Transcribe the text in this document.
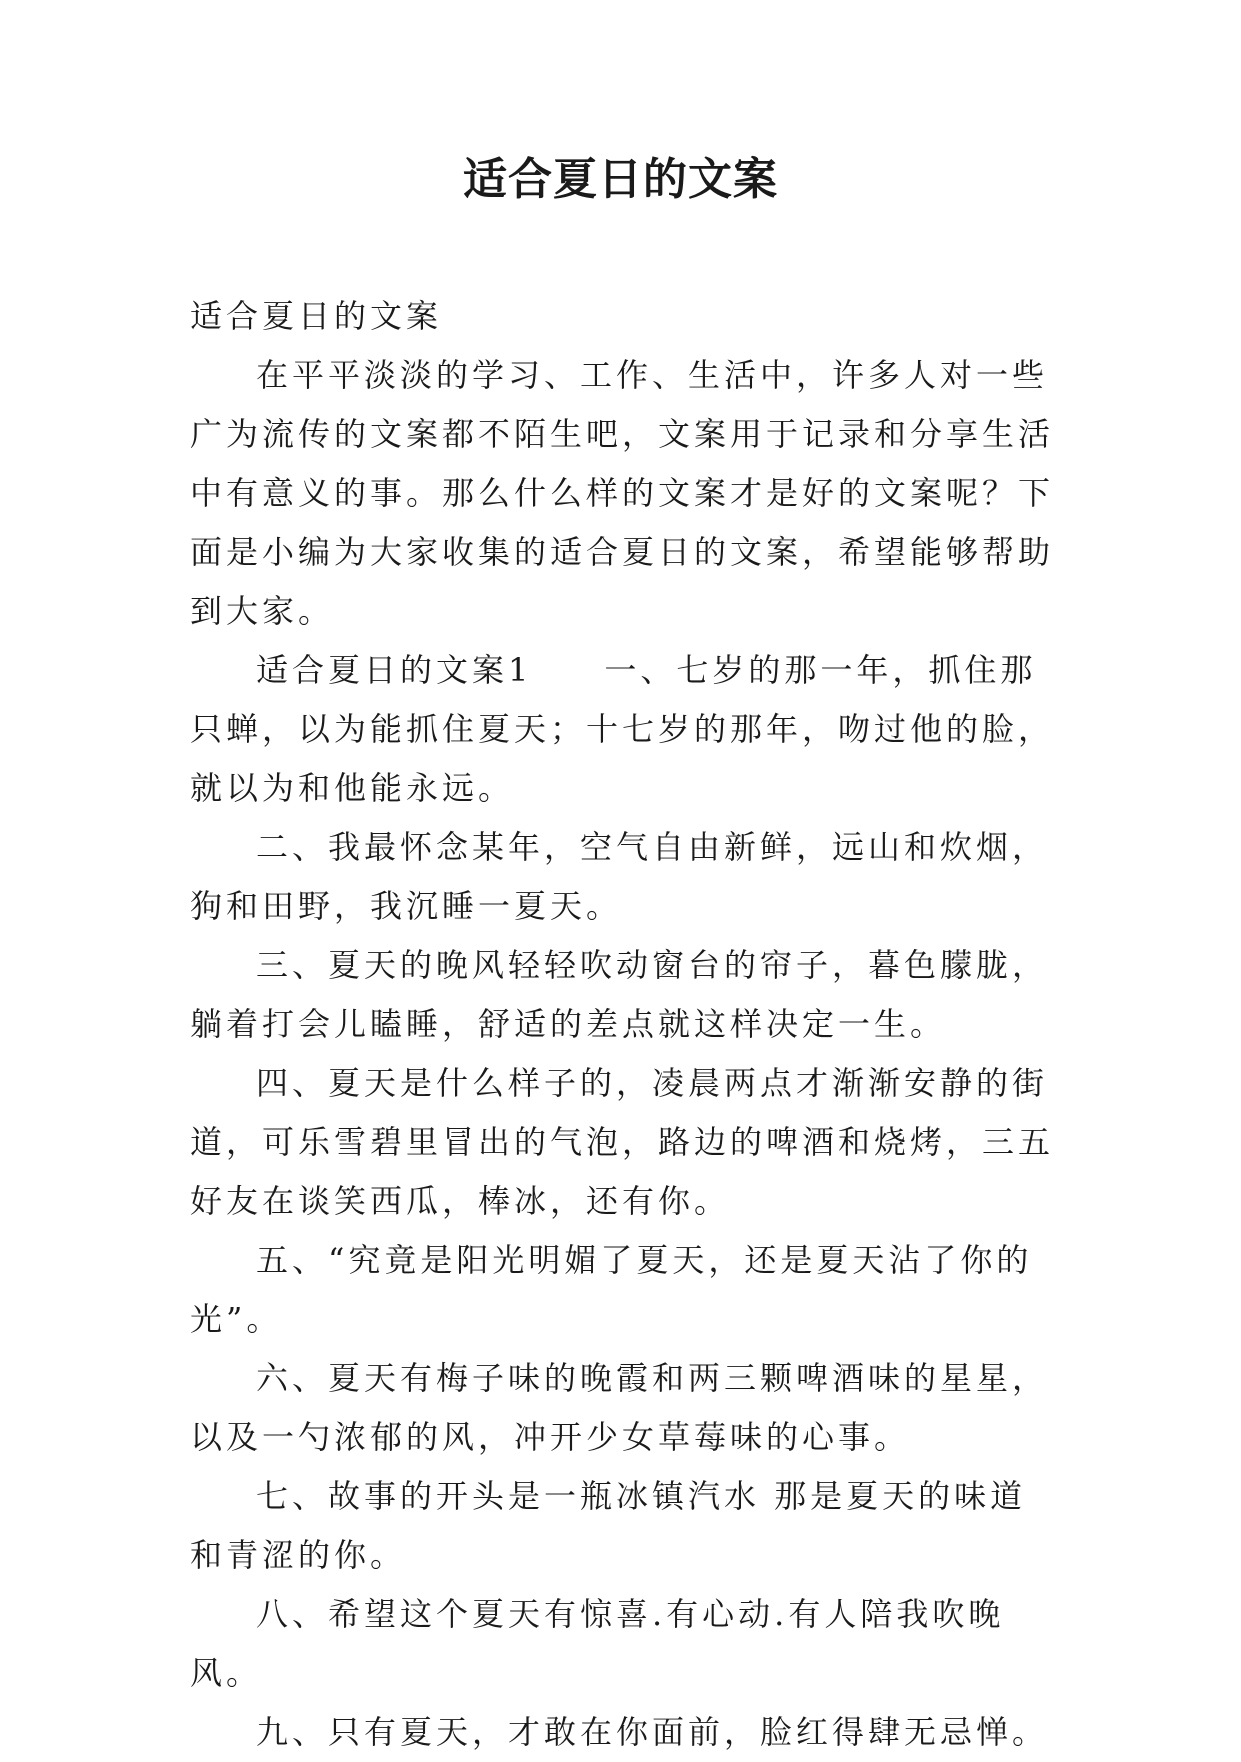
适合夏日的文案

适合夏日的文案

在平平淡淡的学习、工作、生活中，许多人对一些广为流传的文案都不陌生吧，文案用于记录和分享生活中有意义的事。那么什么样的文案才是好的文案呢？下面是小编为大家收集的适合夏日的文案，希望能够帮助到大家。

适合夏日的文案1　　一、七岁的那一年，抓住那只蝉，以为能抓住夏天；十七岁的那年，吻过他的脸，就以为和他能永远。

二、我最怀念某年，空气自由新鲜，远山和炊烟，狗和田野，我沉睡一夏天。

三、夏天的晚风轻轻吹动窗台的帘子，暮色朦胧，躺着打会儿瞌睡，舒适的差点就这样决定一生。

四、夏天是什么样子的，凌晨两点才渐渐安静的街道，可乐雪碧里冒出的气泡，路边的啤酒和烧烤，三五好友在谈笑西瓜，棒冰，还有你。

五、“究竟是阳光明媚了夏天，还是夏天沾了你的光”。

六、夏天有梅子味的晚霞和两三颗啤酒味的星星，以及一勺浓郁的风，冲开少女草莓味的心事。

七、故事的开头是一瓶冰镇汽水 那是夏天的味道和青涩的你。

八、希望这个夏天有惊喜.有心动.有人陪我吹晚风。

九、只有夏天，才敢在你面前，脸红得肆无忌惮。
